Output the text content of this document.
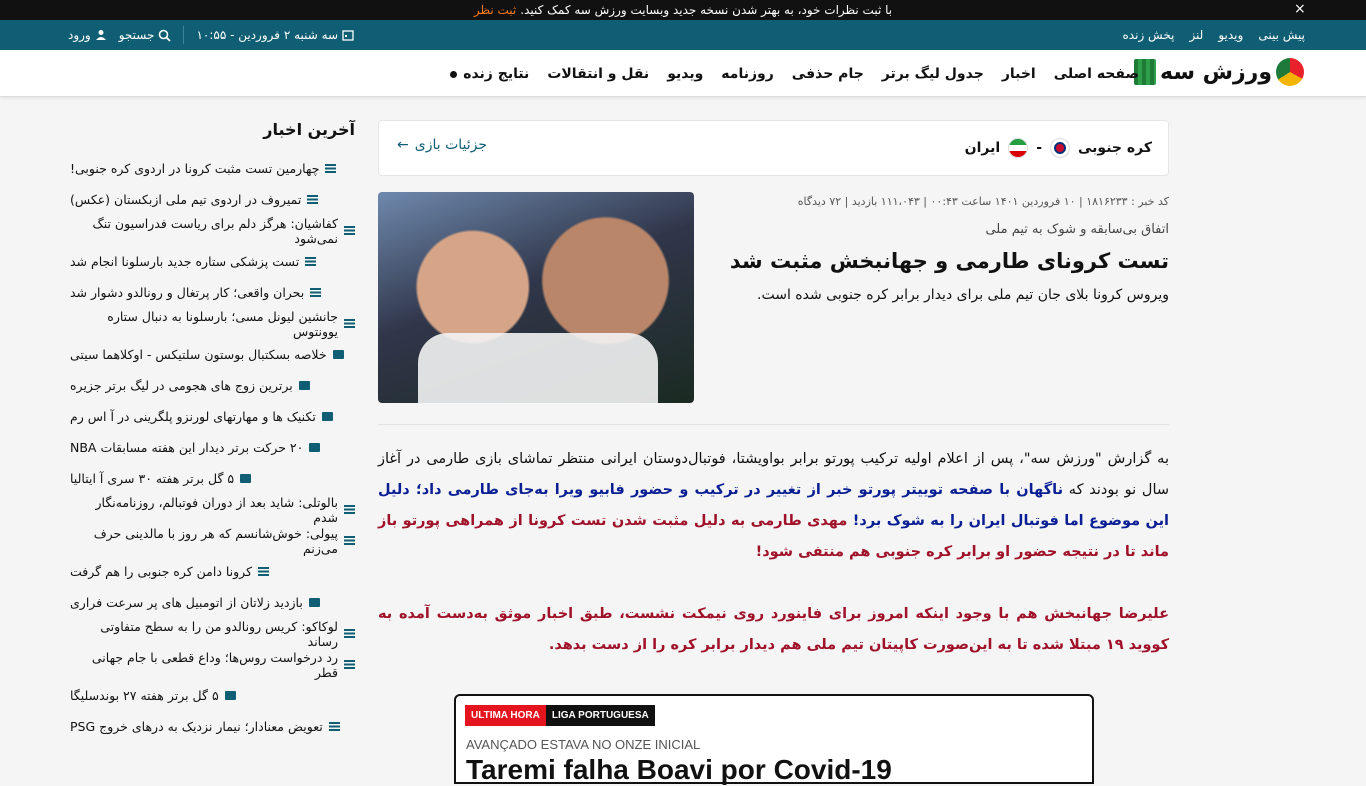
با ثبت نظرات خود، به بهتر شدن نسخه جدید وبسایت ورزش سه کمک کنید.
ثبت نظر	×
پیش بینی
ویدیو
لنز
پخش زنده
ورود جستجو	سه شنبه ۲ فروردین - ۱۰:۵۵
ورزش سه
صفحه اصلی
اخبار
جدول لیگ برتر
جام حذفی
روزنامه
ویدیو
نقل و انتقالات
نتایج زنده
آخرین اخبار
چهارمین تست مثبت کرونا در اردوی کره جنوبی!
تمیروف در اردوی تیم ملی ازبکستان (عکس)
کفاشیان: هرگز دلم برای ریاست فدراسیون تنگ نمی‌شود
تست پزشکی ستاره جدید بارسلونا انجام شد
بحران واقعی؛ کار پرتغال و رونالدو دشوار شد
جانشین لیونل مسی؛ بارسلونا به دنبال ستاره یوونتوس
خلاصه بسکتبال بوستون سلتیکس - اوکلاهما سیتی
برترین زوج های هجومی در لیگ برتر جزیره
تکنیک ها و مهارتهای لورنزو پلگرینی در آ اس رم
۲۰ حرکت برتر دیدار این هفته مسابقات NBA
۵ گل برتر هفته ۳۰ سری آ ایتالیا
بالوتلی: شاید بعد از دوران فوتبالم، روزنامه‌نگار شدم
پیولی: خوش‌شانسم که هر روز با مالدینی حرف می‌زنم
کرونا دامن کره جنوبی را هم گرفت
بازدید زلاتان از اتومبیل های پر سرعت فراری
لوکاکو: کریس رونالدو من را به سطح متفاوتی رساند
رد درخواست روس‌ها؛ وداع قطعی با جام جهانی قطر
۵ گل برتر هفته ۲۷ بوندسلیگا
تعویض معنادار؛ نیمار نزدیک به درهای خروج PSG
کره جنوبی
-
ایران
جزئیات بازی
←
کد خبر : ۱۸۱۶۲۳۳ | ۱۰ فروردین ۱۴۰۱ ساعت ۰۰:۴۳ | ۱۱۱،۰۴۳ بازدید | ۷۲ دیدگاه
اتفاق بی‌سابقه و شوک به تیم ملی
تست کرونای طارمی و جهانبخش مثبت شد

ویروس کرونا بلای جان تیم ملی برای دیدار برابر کره جنوبی شده است.

به گزارش "ورزش سه"، پس از اعلام اولیه ترکیب پورتو برابر بواویشتا، فوتبال‌دوستان ایرانی منتظر تماشای بازی طارمی در آغاز سال نو بودند که ناگهان با صفحه توییتر پورتو خبر از تغییر در ترکیب و حضور فابیو ویرا به‌جای طارمی داد؛ دلیل این موضوع اما فوتبال ایران را به شوک برد! مهدی طارمی به دلیل مثبت شدن تست کرونا از همراهی پورتو باز ماند تا در نتیجه حضور او برابر کره جنوبی هم منتفی شود!

علیرضا جهانبخش هم با وجود اینکه امروز برای فاینورد روی نیمکت نشست، طبق اخبار موثق به‌دست آمده به کووید ۱۹ مبتلا شده تا به این‌صورت کاپیتان تیم ملی هم دیدار برابر کره را از دست بدهد.

LIGA PORTUGUESA
ULTIMA HORA
AVANÇADO ESTAVA NO ONZE INICIAL
Taremi falha Boavi por Covid-19
